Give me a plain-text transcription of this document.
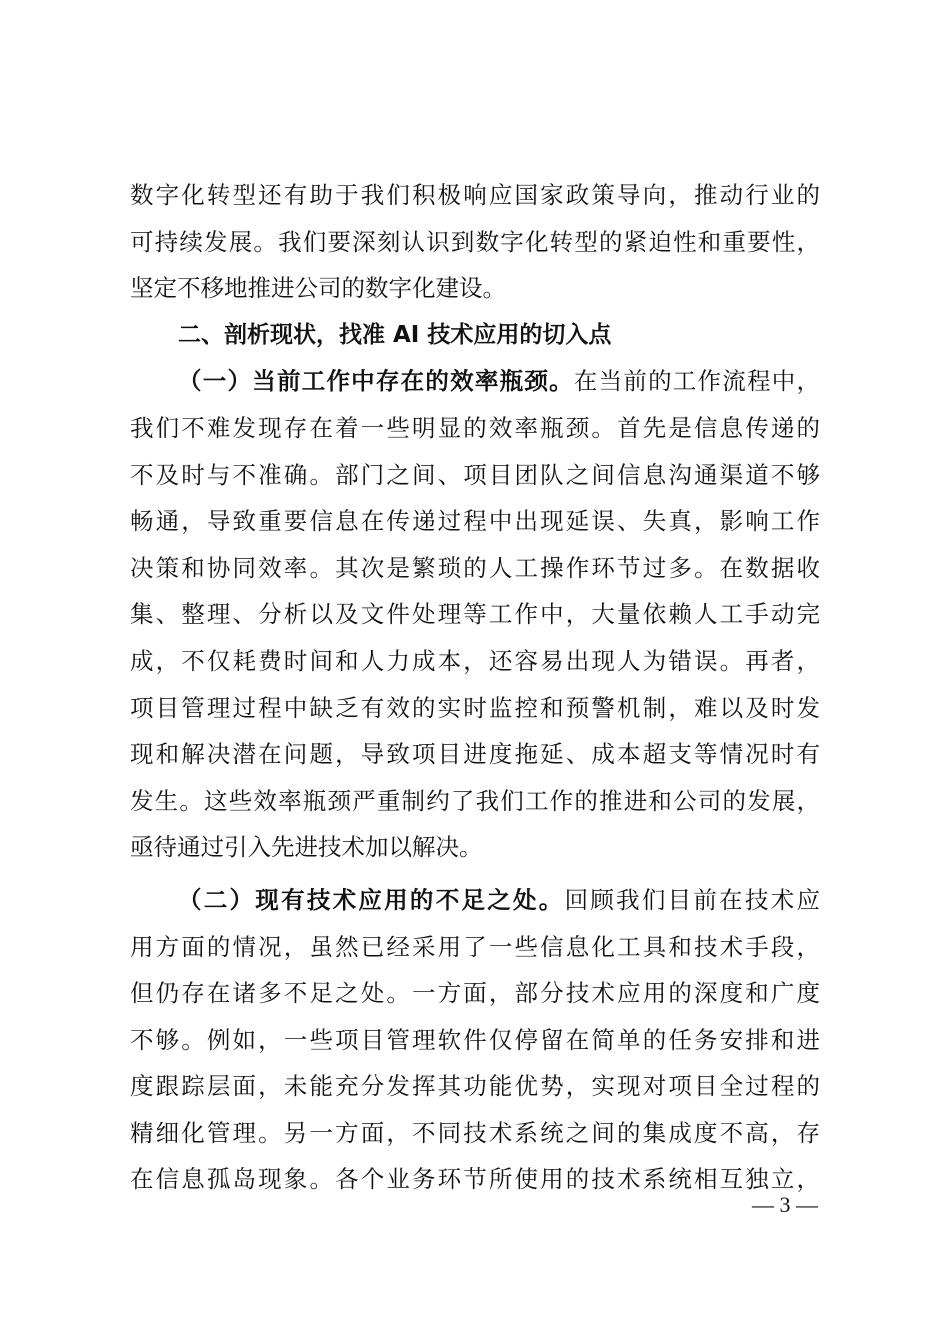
数字化转型还有助于我们积极响应国家政策导向，推动行业的
可持续发展。我们要深刻认识到数字化转型的紧迫性和重要性，
坚定不移地推进公司的数字化建设。
二、剖析现状，找准 AI 技术应用的切入点
（一）当前工作中存在的效率瓶颈。在当前的工作流程中，
我们不难发现存在着一些明显的效率瓶颈。首先是信息传递的
不及时与不准确。部门之间、项目团队之间信息沟通渠道不够
畅通，导致重要信息在传递过程中出现延误、失真，影响工作
决策和协同效率。其次是繁琐的人工操作环节过多。在数据收
集、整理、分析以及文件处理等工作中，大量依赖人工手动完
成，不仅耗费时间和人力成本，还容易出现人为错误。再者，
项目管理过程中缺乏有效的实时监控和预警机制，难以及时发
现和解决潜在问题，导致项目进度拖延、成本超支等情况时有
发生。这些效率瓶颈严重制约了我们工作的推进和公司的发展，
亟待通过引入先进技术加以解决。
（二）现有技术应用的不足之处。回顾我们目前在技术应
用方面的情况，虽然已经采用了一些信息化工具和技术手段，
但仍存在诸多不足之处。一方面，部分技术应用的深度和广度
不够。例如，一些项目管理软件仅停留在简单的任务安排和进
度跟踪层面，未能充分发挥其功能优势，实现对项目全过程的
精细化管理。另一方面，不同技术系统之间的集成度不高，存
在信息孤岛现象。各个业务环节所使用的技术系统相互独立，
— 3 —
